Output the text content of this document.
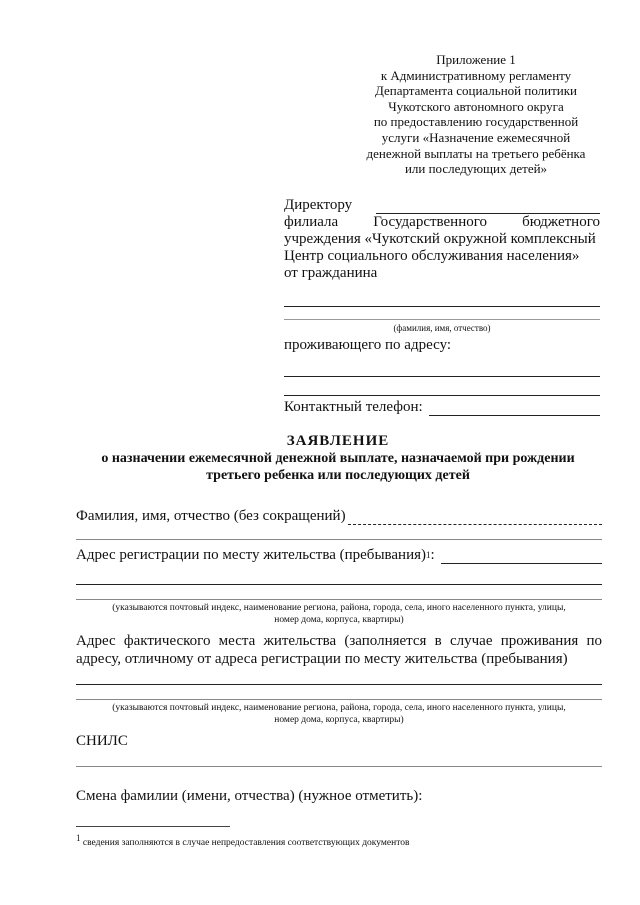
Приложение 1
к Административному регламенту
Департамента социальной политики
Чукотского автономного округа
по предоставлению государственной
услуги «Назначение ежемесячной
денежной выплаты на третьего ребёнка
или последующих детей»
Директору
филиала Государственного бюджетного
учреждения «Чукотский окружной комплексный
Центр социального обслуживания населения»
от гражданина
(фамилия, имя, отчество)
проживающего по адресу:
Контактный телефон:
ЗАЯВЛЕНИЕ
о назначении ежемесячной денежной выплате, назначаемой при рождении
третьего ребенка или последующих детей
Фамилия, имя, отчество (без сокращений)
Адрес регистрации по месту жительства (пребывания) 1 :
(указываются почтовый индекс, наименование региона, района, города, села, иного населенного пункта, улицы,
номер дома, корпуса, квартиры)
Адрес фактического места жительства (заполняется в случае проживания по адресу, отличному от адреса регистрации по месту жительства (пребывания)
(указываются почтовый индекс, наименование региона, района, города, села, иного населенного пункта, улицы,
номер дома, корпуса, квартиры)
СНИЛС
Смена фамилии (имени, отчества) (нужное отметить):
$^1$ сведения заполняются в случае непредоставления соответствующих документов
